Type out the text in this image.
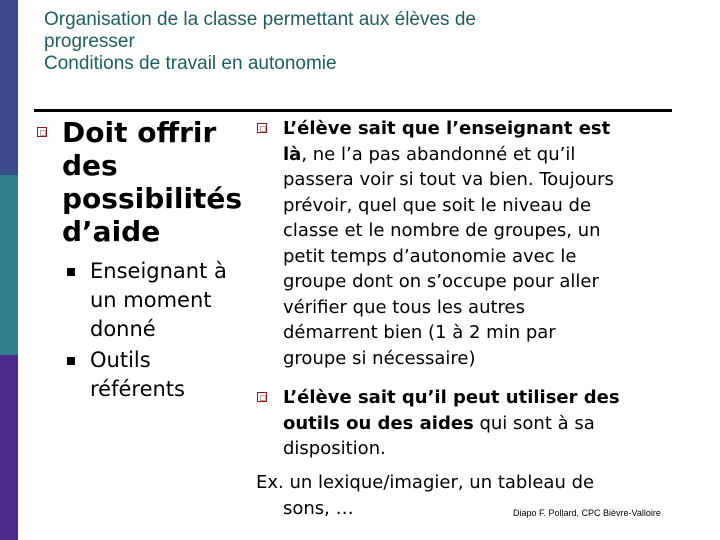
Organisation de la classe permettant aux élèves de
progresser
Conditions de travail en autonomie
Doit offrir
des
possibilités
d’aide
Enseignant à
un moment
donné
Outils
référents
L’élève sait que l’enseignant est
là, ne l’a pas abandonné et qu’il
passera voir si tout va bien. Toujours
prévoir, quel que soit le niveau de
classe et le nombre de groupes, un
petit temps d’autonomie avec le
groupe dont on s’occupe pour aller
vérifier que tous les autres
démarrent bien (1 à 2 min par
groupe si nécessaire)
L’élève sait qu’il peut utiliser des
outils ou des aides qui sont à sa
disposition.
Ex. un lexique/imagier, un tableau de
sons, …	Diapo F. Pollard, CPC Bièvre-Valloire
